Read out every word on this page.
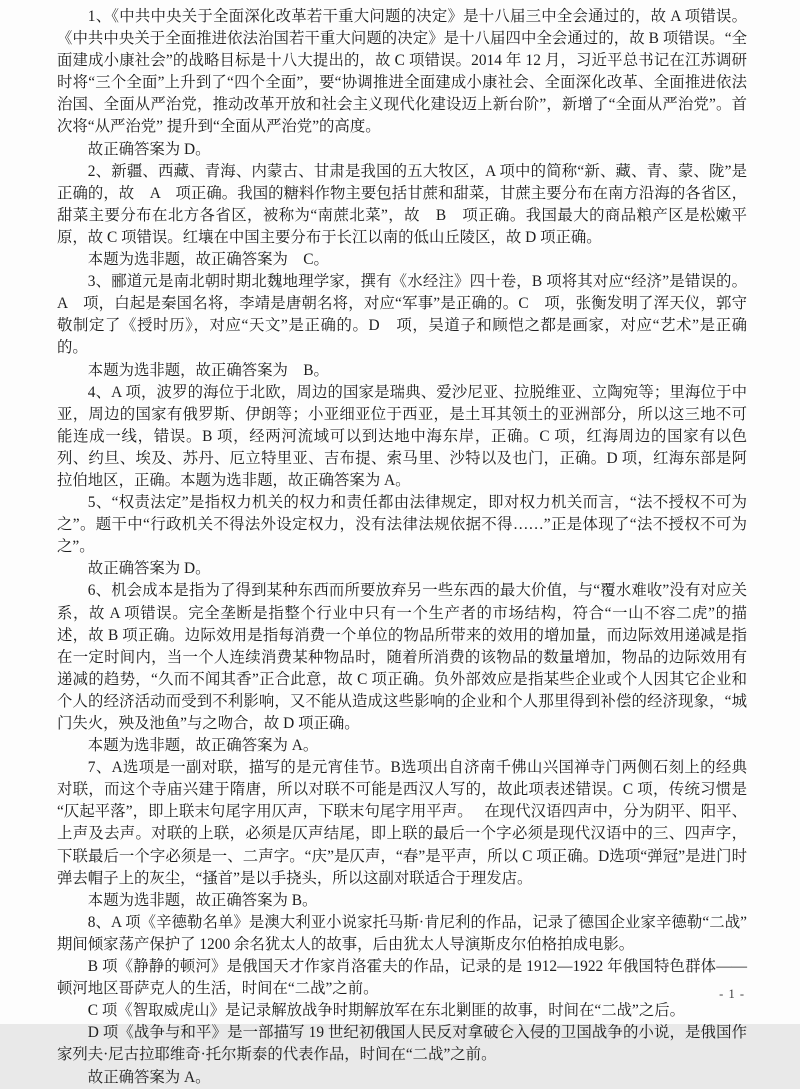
1、《中共中央关于全面深化改革若干重大问题的决定》是十八届三中全会通过的，故 A 项错误。《中共中央关于全面推进依法治国若干重大问题的决定》是十八届四中全会通过的，故 B 项错误。“全面建成小康社会”的战略目标是十八大提出的，故 C 项错误。2014 年 12 月，习近平总书记在江苏调研时将“三个全面”上升到了“四个全面”，要“协调推进全面建成小康社会、全面深化改革、全面推进依法治国、全面从严治党，推动改革开放和社会主义现代化建设迈上新台阶”，新增了“全面从严治党”。首次将“从严治党” 提升到“全面从严治党”的高度。

故正确答案为 D。

2、新疆、西藏、青海、内蒙古、甘肃是我国的五大牧区，A 项中的简称“新、藏、青、蒙、陇”是正确的，故　A　项正确。我国的糖料作物主要包括甘蔗和甜菜，甘蔗主要分布在南方沿海的各省区，甜菜主要分布在北方各省区，被称为“南蔗北菜”，故　B　项正确。我国最大的商品粮产区是松嫩平原，故 C 项错误。红壤在中国主要分布于长江以南的低山丘陵区，故 D 项正确。

本题为选非题，故正确答案为　C。

3、郦道元是南北朝时期北魏地理学家，撰有《水经注》四十卷，B 项将其对应“经济”是错误的。A　项，白起是秦国名将，李靖是唐朝名将，对应“军事”是正确的。C　项，张衡发明了浑天仪，郭守敬制定了《授时历》，对应“天文”是正确的。D　项，吴道子和顾恺之都是画家，对应“艺术”是正确的。

本题为选非题，故正确答案为　B。

4、A 项，波罗的海位于北欧，周边的国家是瑞典、爱沙尼亚、拉脱维亚、立陶宛等；里海位于中亚，周边的国家有俄罗斯、伊朗等；小亚细亚位于西亚，是土耳其领土的亚洲部分，所以这三地不可能连成一线，错误。B 项，经两河流域可以到达地中海东岸，正确。C 项，红海周边的国家有以色列、约旦、埃及、苏丹、厄立特里亚、吉布提、索马里、沙特以及也门，正确。D 项，红海东部是阿拉伯地区，正确。本题为选非题，故正确答案为 A。

5、“权责法定”是指权力机关的权力和责任都由法律规定，即对权力机关而言，“法不授权不可为之”。题干中“行政机关不得法外设定权力，没有法律法规依据不得……”正是体现了“法不授权不可为之”。

故正确答案为 D。

6、机会成本是指为了得到某种东西而所要放弃另一些东西的最大价值，与“覆水难收”没有对应关系，故 A 项错误。完全垄断是指整个行业中只有一个生产者的市场结构，符合“一山不容二虎”的描述，故 B 项正确。边际效用是指每消费一个单位的物品所带来的效用的增加量，而边际效用递减是指在一定时间内，当一个人连续消费某种物品时，随着所消费的该物品的数量增加，物品的边际效用有递减的趋势，“久而不闻其香”正合此意，故 C 项正确。负外部效应是指某些企业或个人因其它企业和个人的经济活动而受到不利影响，又不能从造成这些影响的企业和个人那里得到补偿的经济现象，“城门失火，殃及池鱼”与之吻合，故 D 项正确。

本题为选非题，故正确答案为 A。

7、A选项是一副对联，描写的是元宵佳节。B选项出自济南千佛山兴国禅寺门两侧石刻上的经典对联，而这个寺庙兴建于隋唐，所以对联不可能是西汉人写的，故此项表述错误。C 项，传统习惯是“仄起平落”，即上联末句尾字用仄声，下联末句尾字用平声。　 在现代汉语四声中，分为阴平、阳平、上声及去声。对联的上联，必须是仄声结尾，即上联的最后一个字必须是现代汉语中的三、四声字，下联最后一个字必须是一、二声字。“庆”是仄声，“春”是平声，所以 C 项正确。D选项“弹冠”是进门时弹去帽子上的灰尘，“搔首”是以手挠头，所以这副对联适合于理发店。

本题为选非题，故正确答案为 B。

8、A 项《辛德勒名单》是澳大利亚小说家托马斯·肯尼利的作品，记录了德国企业家辛德勒“二战”期间倾家荡产保护了 1200 余名犹太人的故事，后由犹太人导演斯皮尔伯格拍成电影。

B 项《静静的顿河》是俄国天才作家肖洛霍夫的作品，记录的是 1912—1922 年俄国特色群体——顿河地区哥萨克人的生活，时间在“二战”之前。

C 项《智取威虎山》是记录解放战争时期解放军在东北剿匪的故事，时间在“二战”之后。

D 项《战争与和平》是一部描写 19 世纪初俄国人民反对拿破仑入侵的卫国战争的小说，是俄国作家列夫·尼古拉耶维奇·托尔斯泰的代表作品，时间在“二战”之前。

故正确答案为 A。

- 1 -
